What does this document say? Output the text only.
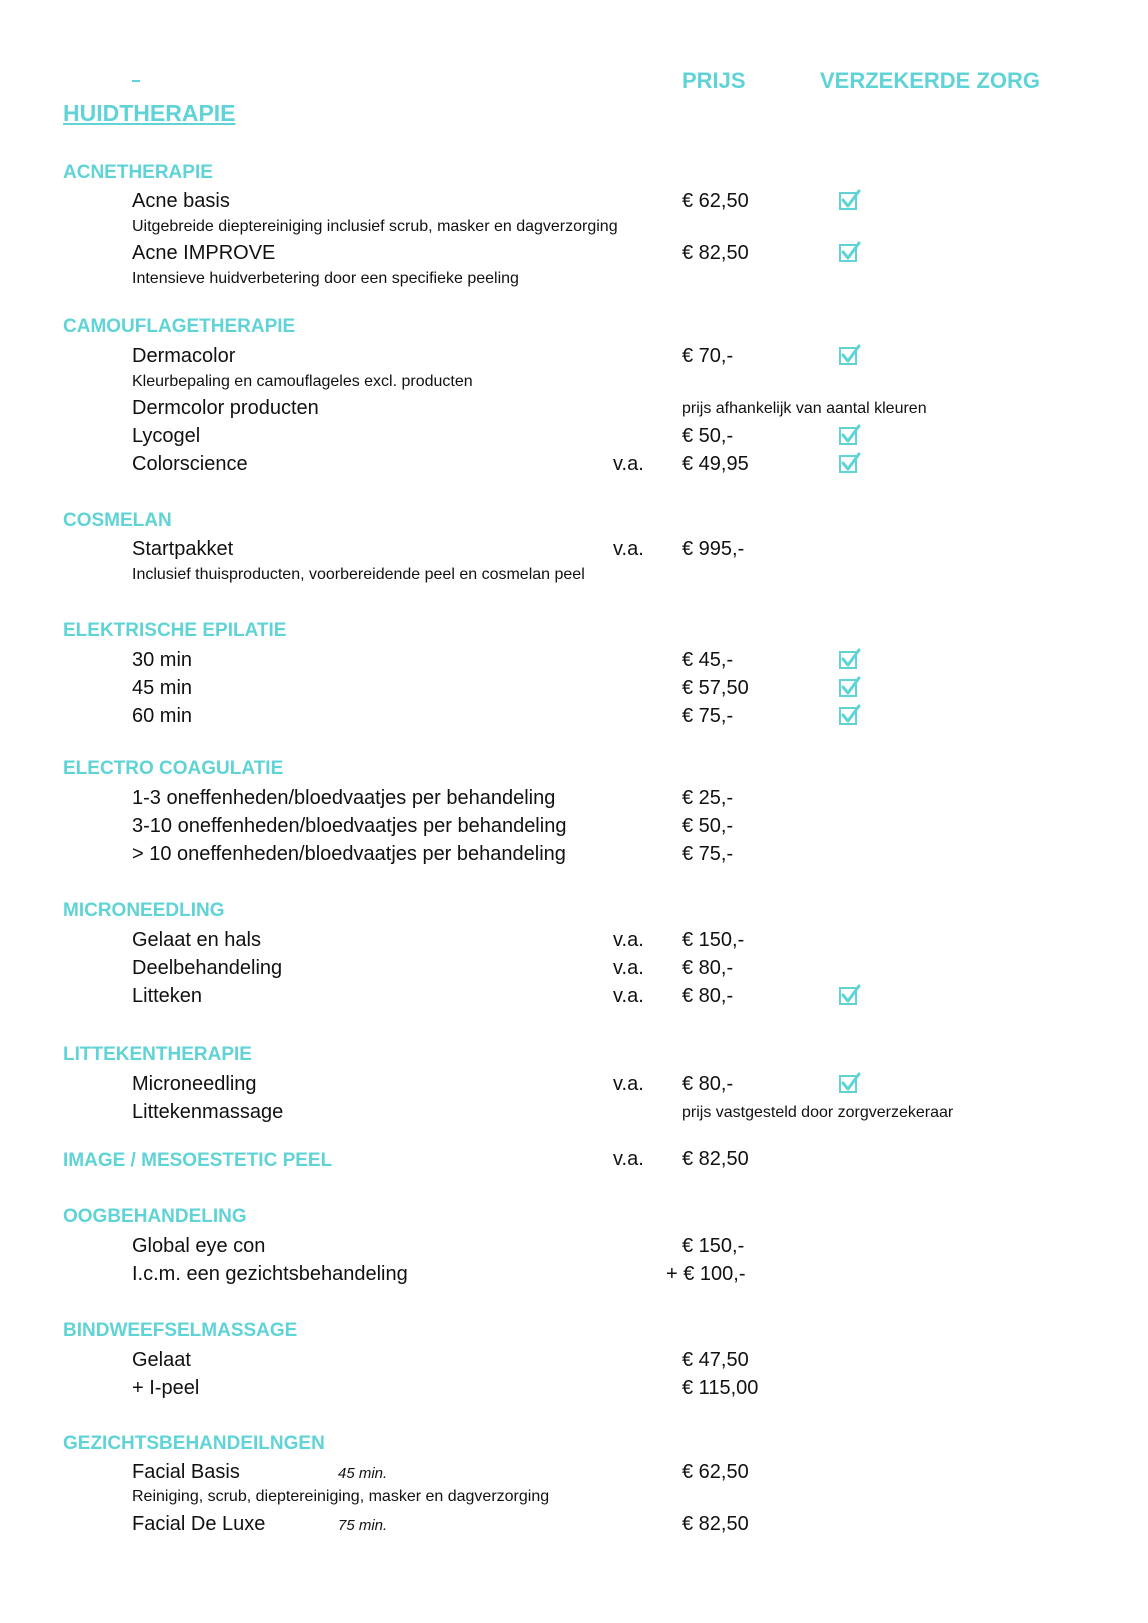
PRIJS	VERZEKERDE ZORG
HUIDTHERAPIE
ACNETHERAPIE
Acne basis	€ 62,50
Uitgebreide dieptereiniging inclusief scrub, masker en dagverzorging
Acne IMPROVE	€ 82,50
Intensieve huidverbetering door een specifieke peeling
CAMOUFLAGETHERAPIE
Dermacolor	€ 70,-
Kleurbepaling en camouflageles excl. producten
Dermcolor producten	prijs afhankelijk van aantal kleuren
Lycogel	€ 50,-
Colorscience	v.a. € 49,95
COSMELAN
Startpakket	v.a. € 995,-
Inclusief thuisproducten, voorbereidende peel en cosmelan peel
ELEKTRISCHE EPILATIE
30 min	€ 45,-
45 min	€ 57,50
60 min	€ 75,-
ELECTRO COAGULATIE
1-3 oneffenheden/bloedvaatjes per behandeling	€ 25,-
3-10 oneffenheden/bloedvaatjes per behandeling	€ 50,-
> 10 oneffenheden/bloedvaatjes per behandeling	€ 75,-
MICRONEEDLING
Gelaat en hals	v.a. € 150,-
Deelbehandeling	v.a. € 80,-
Litteken	v.a. € 80,-
LITTEKENTHERAPIE
Microneedling	v.a. € 80,-
Littekenmassage	prijs vastgesteld door zorgverzekeraar
IMAGE / MESOESTETIC PEEL	v.a. € 82,50
OOGBEHANDELING
Global eye con	€ 150,-
I.c.m. een gezichtsbehandeling	+ € 100,-
BINDWEEFSELMASSAGE
Gelaat	€ 47,50
+ I-peel	€ 115,00
GEZICHTSBEHANDEILNGEN
Facial Basis	45 min.	€ 62,50
Reiniging, scrub, dieptereiniging, masker en dagverzorging
Facial De Luxe	75 min.	€ 82,50
